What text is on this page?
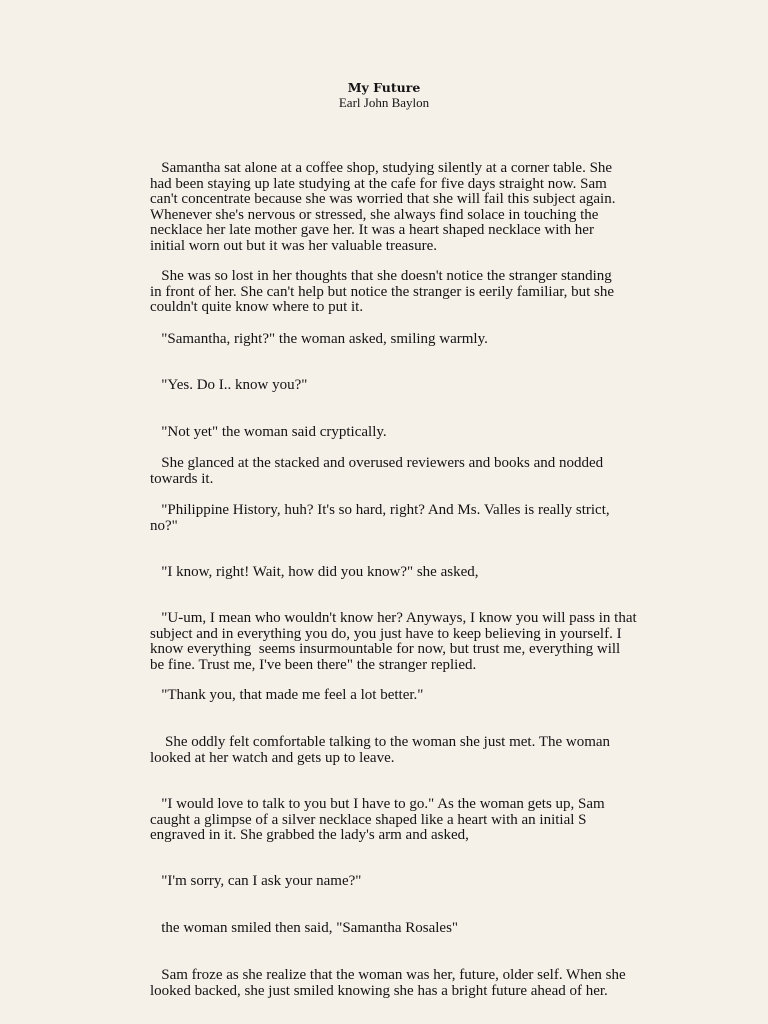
My Future
Earl John Baylon

Samantha sat alone at a coffee shop, studying silently at a corner table. She
had been staying up late studying at the cafe for five days straight now. Sam
can't concentrate because she was worried that she will fail this subject again.
Whenever she's nervous or stressed, she always find solace in touching the
necklace her late mother gave her. It was a heart shaped necklace with her
initial worn out but it was her valuable treasure.

She was so lost in her thoughts that she doesn't notice the stranger standing
in front of her. She can't help but notice the stranger is eerily familiar, but she
couldn't quite know where to put it.

"Samantha, right?" the woman asked, smiling warmly.

"Yes. Do I.. know you?"

"Not yet" the woman said cryptically.

She glanced at the stacked and overused reviewers and books and nodded
towards it.

"Philippine History, huh? It's so hard, right? And Ms. Valles is really strict,
no?"

"I know, right! Wait, how did you know?" she asked,

"U-um, I mean who wouldn't know her? Anyways, I know you will pass in that
subject and in everything you do, you just have to keep believing in yourself. I
know everything  seems insurmountable for now, but trust me, everything will
be fine. Trust me, I've been there" the stranger replied.

"Thank you, that made me feel a lot better."

She oddly felt comfortable talking to the woman she just met. The woman
looked at her watch and gets up to leave.

"I would love to talk to you but I have to go." As the woman gets up, Sam
caught a glimpse of a silver necklace shaped like a heart with an initial S
engraved in it. She grabbed the lady's arm and asked,

"I'm sorry, can I ask your name?"

the woman smiled then said, "Samantha Rosales"

Sam froze as she realize that the woman was her, future, older self. When she
looked backed, she just smiled knowing she has a bright future ahead of her.
